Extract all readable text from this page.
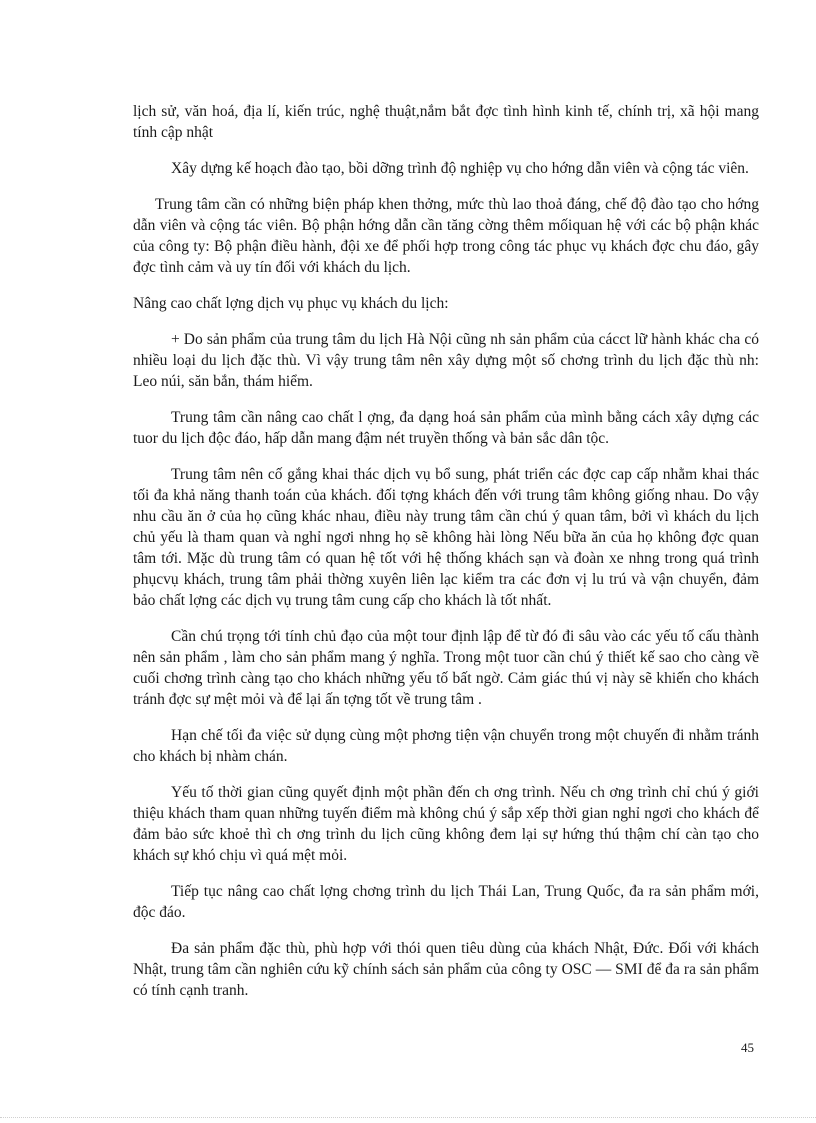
lịch sử, văn hoá, địa lí, kiến trúc, nghệ thuật,nắm bắt đợc tình hình kinh tế, chính trị, xã hội mang tính cập nhật

Xây dựng kế hoạch đào tạo, bồi dỡng trình độ nghiệp vụ cho hớng dẫn viên và cộng tác viên.

Trung tâm cần có những biện pháp khen thởng, mức thù lao thoả đáng, chế độ đào tạo cho hớng dẫn viên và cộng tác viên. Bộ phận hớng dẫn cần tăng cờng thêm mốiquan hệ với các bộ phận khác của công ty: Bộ phận điều hành, đội xe để phối hợp trong công tác phục vụ khách đợc chu đáo, gây đợc tình cảm và uy tín đối với khách du lịch.

Nâng cao chất lợng dịch vụ phục vụ khách du lịch:

+ Do sản phẩm của trung tâm du lịch Hà Nội cũng nh sản phẩm của cácct lữ hành khác cha có nhiều loại du lịch đặc thù. Vì vậy trung tâm nên xây dựng một số chơng trình du lịch đặc thù nh: Leo núi, săn bắn, thám hiểm.

Trung tâm cần nâng cao chất l ợng, đa dạng hoá sản phẩm của mình bằng cách xây dựng các tuor du lịch độc đáo, hấp dẫn mang đậm nét truyền thống và bản sắc dân tộc.

Trung tâm nên cố gắng khai thác dịch vụ bổ sung, phát triển các đợc cap cấp nhằm khai thác tối đa khả năng thanh toán của khách. đối tợng khách đến với trung tâm không giống nhau. Do vậy nhu cầu ăn ở của họ cũng khác nhau, điều này trung tâm cần chú ý quan tâm, bởi vì khách du lịch chủ yếu là tham quan và nghỉ ngơi nhng họ sẽ không hài lòng Nếu bữa ăn của họ không đợc quan tâm tới. Mặc dù trung tâm có quan hệ tốt với hệ thống khách sạn và đoàn xe nhng trong quá trình phụcvụ khách, trung tâm phải thờng xuyên liên lạc kiểm tra các đơn vị lu trú và vận chuyển, đảm bảo chất lợng các dịch vụ trung tâm cung cấp cho khách là tốt nhất.

Cần chú trọng tới tính chủ đạo của một tour định lập để từ đó đi sâu vào các yếu tố cấu thành nên sản phẩm , làm cho sản phẩm mang ý nghĩa. Trong một tuor cần chú ý thiết kế sao cho càng về cuối chơng trình càng tạo cho khách những yếu tố bất ngờ. Cảm giác thú vị này sẽ khiến cho khách tránh đợc sự mệt mỏi và để lại ấn tợng tốt về trung tâm .

Hạn chế tối đa việc sử dụng cùng một phơng tiện vận chuyển trong một chuyến đi nhằm tránh cho khách bị nhàm chán.

Yếu tố thời gian cũng quyết định một phần đến ch ơng trình. Nếu ch ơng trình chỉ chú ý giới thiệu khách tham quan những tuyến điểm mà không chú ý sắp xếp thời gian nghỉ ngơi cho khách để đảm bảo sức khoẻ thì ch ơng trình du lịch cũng không đem lại sự hứng thú thậm chí càn tạo cho khách sự khó chịu vì quá mệt mỏi.

Tiếp tục nâng cao chất lợng chơng trình du lịch Thái Lan, Trung Quốc, đa ra sản phẩm mới, độc đáo.

Đa sản phẩm đặc thù, phù hợp với thói quen tiêu dùng của khách Nhật, Đức. Đối với khách Nhật, trung tâm cần nghiên cứu kỹ chính sách sản phẩm của công ty OSC — SMI để đa ra sản phẩm có tính cạnh tranh.

45
